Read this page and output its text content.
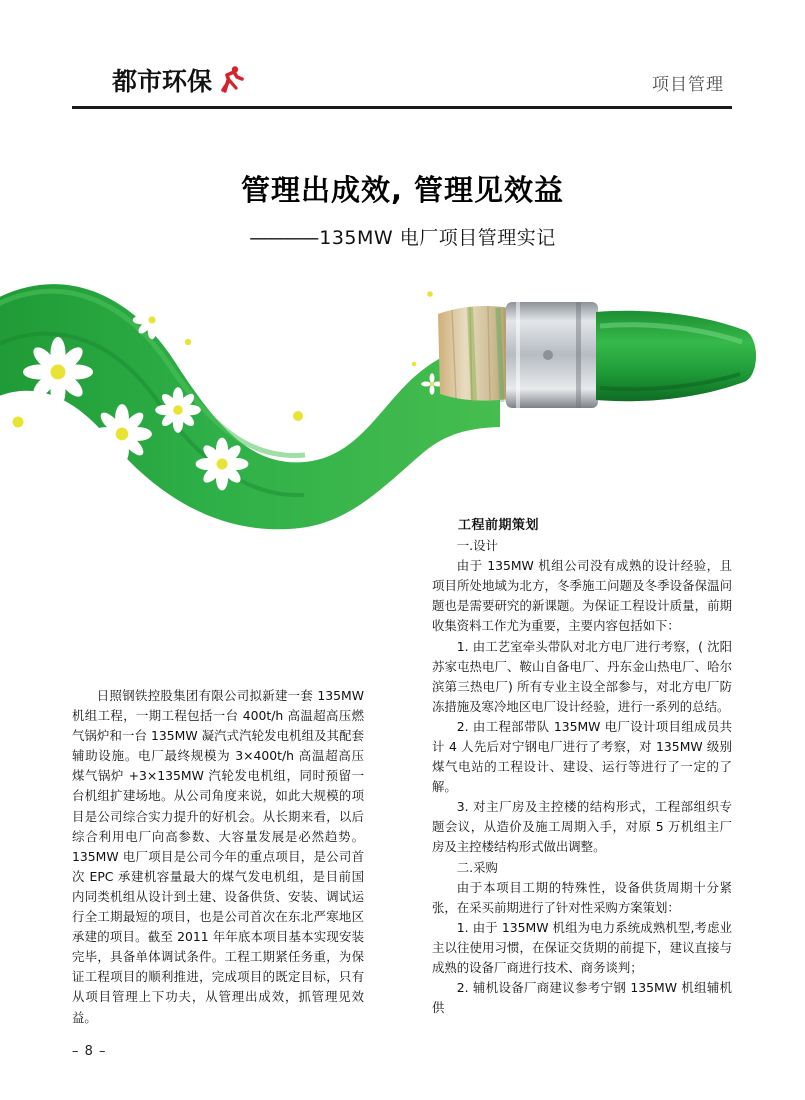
都市环保	项目管理
管理出成效, 管理见效益
———— 135MW 电厂项目管理实记

日照钢铁控股集团有限公司拟新建一套 135MW 机组工程，一期工程包括一台 400t/h 高温超高压燃气锅炉和一台 135MW 凝汽式汽轮发电机组及其配套辅助设施。电厂最终规模为 3×400t/h 高温超高压 煤气锅炉 +3×135MW 汽轮发电机组，同时预留一台机组扩建场地。从公司角度来说，如此大规模的项目是公司综合实力提升的好机会。从长期来看，以后综合利用电厂向高参数、大容量发展是必然趋势。135MW 电厂项目是公司今年的重点项目，是公司首次 EPC 承建机容量最大的煤气发电机组，是目前国内同类机组从设计到土建、设备供货、安装、调试运行全工期最短的项目，也是公司首次在东北严寒地区承建的项目。截至 2011 年年底本项目基本实现安装完毕，具备单体调试条件。工程工期紧任务重，为保证工程项目的顺利推进，完成项目的既定目标，只有从项目管理上下功夫，从管理出成效，抓管理见效益。

工程前期策划

一.设计

由于 135MW 机组公司没有成熟的设计经验，且项目所处地域为北方，冬季施工问题及冬季设备保温问题也是需要研究的新课题。为保证工程设计质量，前期收集资料工作尤为重要，主要内容包括如下：

1. 由工艺室牵头带队对北方电厂进行考察，( 沈阳苏家屯热电厂、鞍山自备电厂、丹东金山热电厂、哈尔滨第三热电厂) 所有专业主设全部参与，对北方电厂防冻措施及寒冷地区电厂设计经验，进行一系列的总结。

2. 由工程部带队 135MW 电厂设计项目组成员共计 4 人先后对宁钢电厂进行了考察，对 135MW 级别煤气电站的工程设计、建设、运行等进行了一定的了解。

3. 对主厂房及主控楼的结构形式，工程部组织专题会议，从造价及施工周期入手，对原 5 万机组主厂房及主控楼结构形式做出调整。

二.采购

由于本项目工期的特殊性，设备供货周期十分紧张，在采买前期进行了针对性采购方案策划：

1. 由于 135MW 机组为电力系统成熟机型,考虑业主以往使用习惯，在保证交货期的前提下，建议直接与成熟的设备厂商进行技术、商务谈判；

2. 辅机设备厂商建议参考宁钢 135MW 机组辅机供

– 8 –
